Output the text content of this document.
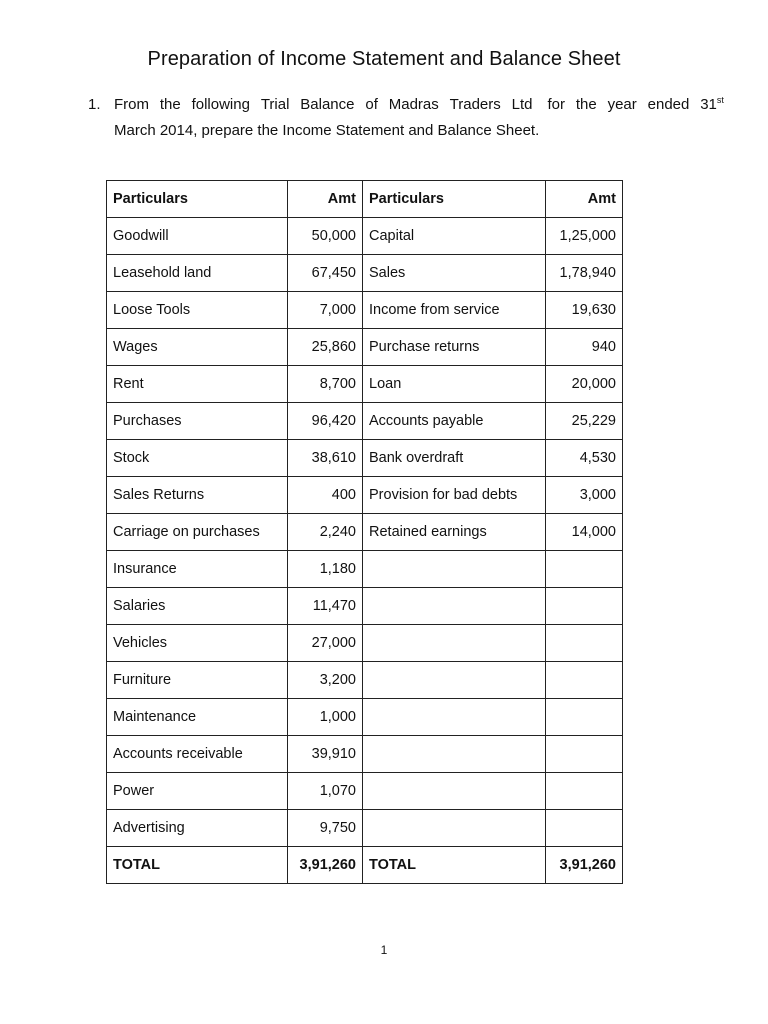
Preparation of Income Statement and Balance Sheet
1. From the following Trial Balance of Madras Traders Ltd for the year ended 31st
March 2014, prepare the Income Statement and Balance Sheet.
Particulars	Amt	Particulars	Amt
Goodwill	50,000	Capital	1,25,000
Leasehold land	67,450	Sales	1,78,940
Loose Tools	7,000	Income from service	19,630
Wages	25,860	Purchase returns	940
Rent	8,700	Loan	20,000
Purchases	96,420	Accounts payable	25,229
Stock	38,610	Bank overdraft	4,530
Sales Returns	400	Provision for bad debts	3,000
Carriage on purchases	2,240	Retained earnings	14,000
Insurance	1,180		
Salaries	11,470		
Vehicles	27,000		
Furniture	3,200		
Maintenance	1,000		
Accounts receivable	39,910		
Power	1,070		
Advertising	9,750		
TOTAL	3,91,260	TOTAL	3,91,260
1
